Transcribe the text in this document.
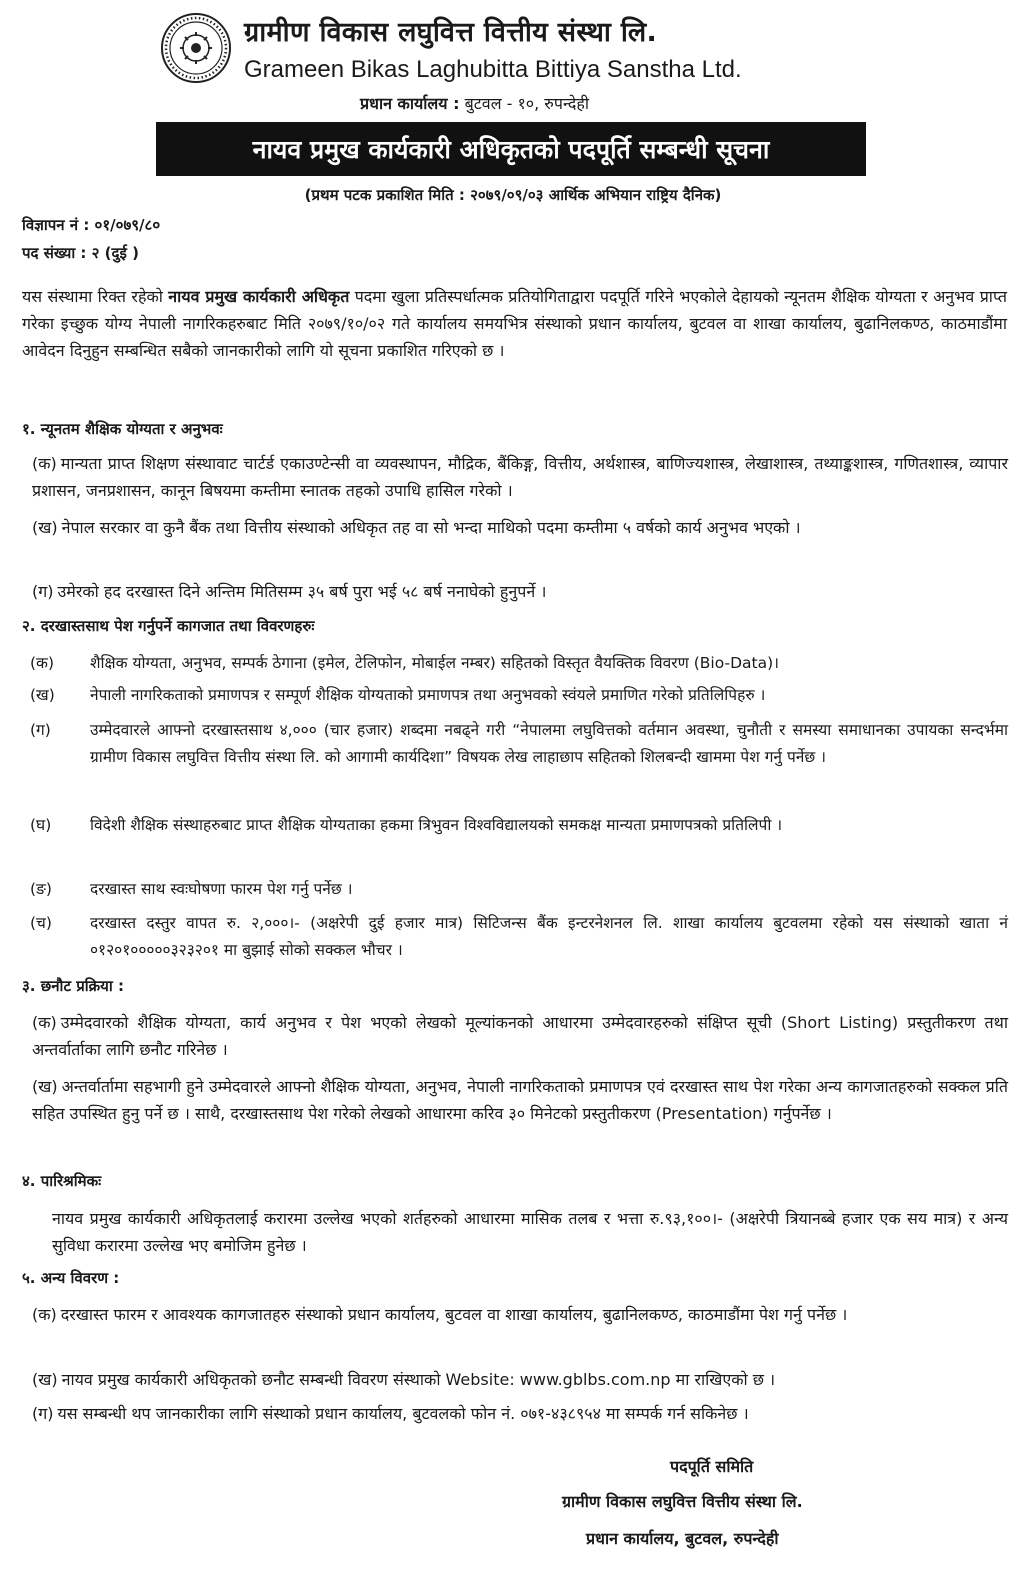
ग्रामीण विकास लघुवित्त वित्तीय संस्था लि.
Grameen Bikas Laghubitta Bittiya Sanstha Ltd.
प्रधान कार्यालय : बुटवल - १०, रुपन्देही
नायव प्रमुख कार्यकारी अधिकृतको पदपूर्ति सम्बन्धी सूचना
(प्रथम पटक प्रकाशित मिति : २०७९/०९/०३ आर्थिक अभियान राष्ट्रिय दैनिक)
विज्ञापन नं : ०१/०७९/८०
पद संख्या : २ (दुई )
यस संस्थामा रिक्त रहेको नायव प्रमुख कार्यकारी अधिकृत पदमा खुला प्रतिस्पर्धात्मक प्रतियोगिताद्वारा पदपूर्ति गरिने भएकोले देहायको न्यूनतम शैक्षिक योग्यता र अनुभव प्राप्त गरेका इच्छुक योग्य नेपाली नागरिकहरुबाट मिति २०७९/१०/०२ गते कार्यालय समयभित्र संस्थाको प्रधान कार्यालय, बुटवल वा शाखा कार्यालय, बुढानिलकण्ठ, काठमाडौंमा आवेदन दिनुहुन सम्बन्धित सबैको जानकारीको लागि यो सूचना प्रकाशित गरिएको छ ।
१. न्यूनतम शैक्षिक योग्यता र अनुभवः
(क) मान्यता प्राप्त शिक्षण संस्थावाट चार्टर्ड एकाउण्टेन्सी वा व्यवस्थापन, मौद्रिक, बैंकिङ्ग, वित्तीय, अर्थशास्त्र, बाणिज्यशास्त्र, लेखाशास्त्र, तथ्याङ्कशास्त्र, गणितशास्त्र, व्यापार प्रशासन, जनप्रशासन, कानून बिषयमा कम्तीमा स्नातक तहको उपाधि हासिल गरेको ।
(ख) नेपाल सरकार वा कुनै बैंक तथा वित्तीय संस्थाको अधिकृत तह वा सो भन्दा माथिको पदमा कम्तीमा ५ वर्षको कार्य अनुभव भएको ।
(ग) उमेरको हद दरखास्त दिने अन्तिम मितिसम्म ३५ बर्ष पुरा भई ५८ बर्ष ननाघेको हुनुपर्ने ।
२. दरखास्तसाथ पेश गर्नुपर्ने कागजात तथा विवरणहरुः
(क)	शैक्षिक योग्यता, अनुभव, सम्पर्क ठेगाना (इमेल, टेलिफोन, मोबाईल नम्बर) सहितको विस्तृत वैयक्तिक विवरण (Bio-Data)।
(ख)	नेपाली नागरिकताको प्रमाणपत्र र सम्पूर्ण शैक्षिक योग्यताको प्रमाणपत्र तथा अनुभवको स्वंयले प्रमाणित गरेको प्रतिलिपिहरु ।
(ग)	उम्मेदवारले आफ्नो दरखास्तसाथ ४,००० (चार हजार) शब्दमा नबढ्ने गरी “नेपालमा लघुवित्तको वर्तमान अवस्था, चुनौती र समस्या समाधानका उपायका सन्दर्भमा ग्रामीण विकास लघुवित्त वित्तीय संस्था लि. को आगामी कार्यदिशा” विषयक लेख लाहाछाप सहितको शिलबन्दी खाममा पेश गर्नु पर्नेछ ।
(घ)	विदेशी शैक्षिक संस्थाहरुबाट प्राप्त शैक्षिक योग्यताका हकमा त्रिभुवन विश्वविद्यालयको समकक्ष मान्यता प्रमाणपत्रको प्रतिलिपी ।
(ङ)	दरखास्त साथ स्वःघोषणा फारम पेश गर्नु पर्नेछ ।
(च)	दरखास्त दस्तुर वापत रु. २,०००।- (अक्षरेपी दुई हजार मात्र) सिटिजन्स बैंक इन्टरनेशनल लि. शाखा कार्यालय बुटवलमा रहेको यस संस्थाको खाता नं ०१२०१०००००३२३२०१ मा बुझाई सोको सक्कल भौचर ।
३. छनौट प्रक्रिया :
(क) उम्मेदवारको शैक्षिक योग्यता, कार्य अनुभव र पेश भएको लेखको मूल्यांकनको आधारमा उम्मेदवारहरुको संक्षिप्त सूची (Short Listing) प्रस्तुतीकरण तथा अन्तर्वार्ताका लागि छनौट गरिनेछ ।
(ख) अन्तर्वार्तामा सहभागी हुने उम्मेदवारले आफ्नो शैक्षिक योग्यता, अनुभव, नेपाली नागरिकताको प्रमाणपत्र एवं दरखास्त साथ पेश गरेका अन्य कागजातहरुको सक्कल प्रति सहित उपस्थित हुनु पर्ने छ । साथै, दरखास्तसाथ पेश गरेको लेखको आधारमा करिव ३० मिनेटको प्रस्तुतीकरण (Presentation) गर्नुपर्नेछ ।
४. पारिश्रमिकः
नायव प्रमुख कार्यकारी अधिकृतलाई करारमा उल्लेख भएको शर्तहरुको आधारमा मासिक तलब र भत्ता रु.९३,१००।- (अक्षरेपी त्रियानब्बे हजार एक सय मात्र) र अन्य सुविधा करारमा उल्लेख भए बमोजिम हुनेछ ।
५. अन्य विवरण :
(क) दरखास्त फारम र आवश्यक कागजातहरु संस्थाको प्रधान कार्यालय, बुटवल वा शाखा कार्यालय, बुढानिलकण्ठ, काठमाडौंमा पेश गर्नु पर्नेछ ।
(ख) नायव प्रमुख कार्यकारी अधिकृतको छनौट सम्बन्धी विवरण संस्थाको Website: www.gblbs.com.np मा राखिएको छ ।
(ग) यस सम्बन्धी थप जानकारीका लागि संस्थाको प्रधान कार्यालय, बुटवलको फोन नं. ०७१-४३८९५४ मा सम्पर्क गर्न सकिनेछ ।
पदपूर्ति समिति
ग्रामीण विकास लघुवित्त वित्तीय संस्था लि.
प्रधान कार्यालय, बुटवल, रुपन्देही
